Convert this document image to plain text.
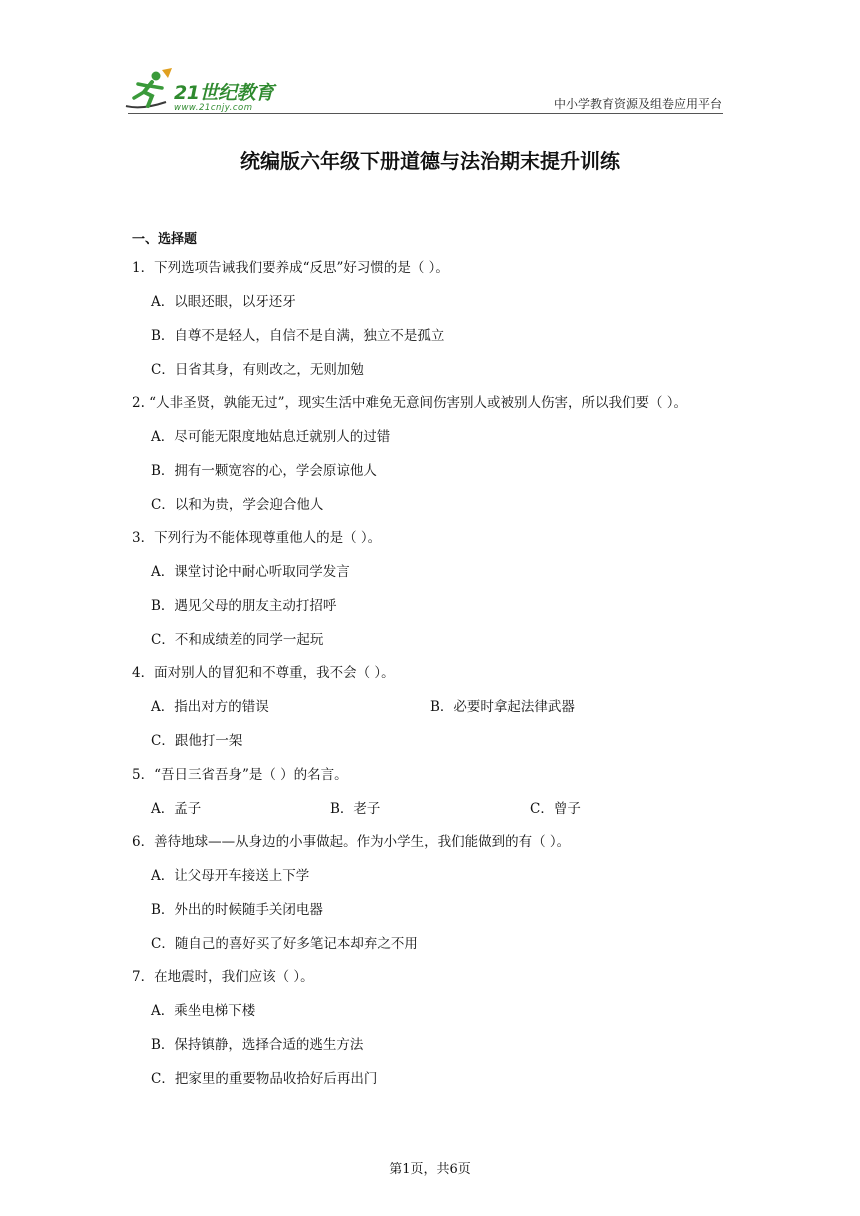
21世纪教育
www.21cnjy.com	中小学教育资源及组卷应用平台
统编版六年级下册道德与法治期末提升训练
一、选择题
1．下列选项告诫我们要养成“反思”好习惯的是（ ）。
A．以眼还眼，以牙还牙
B．自尊不是轻人，自信不是自满，独立不是孤立
C．日省其身，有则改之，无则加勉
2. “人非圣贤，孰能无过”，现实生活中难免无意间伤害别人或被别人伤害，所以我们要（ ）。
A．尽可能无限度地姑息迁就别人的过错
B．拥有一颗宽容的心，学会原谅他人
C．以和为贵，学会迎合他人
3．下列行为不能体现尊重他人的是（ ）。
A．课堂讨论中耐心听取同学发言
B．遇见父母的朋友主动打招呼
C．不和成绩差的同学一起玩
4．面对别人的冒犯和不尊重，我不会（ ）。
A．指出对方的错误	B．必要时拿起法律武器
C．跟他打一架
5．“吾日三省吾身”是（ ）的名言。
A．孟子	B．老子	C．曾子
6．善待地球——从身边的小事做起。作为小学生，我们能做到的有（ ）。
A．让父母开车接送上下学
B．外出的时候随手关闭电器
C．随自己的喜好买了好多笔记本却弃之不用
7．在地震时，我们应该（ ）。
A．乘坐电梯下楼
B．保持镇静，选择合适的逃生方法
C．把家里的重要物品收拾好后再出门
第1页，共6页
